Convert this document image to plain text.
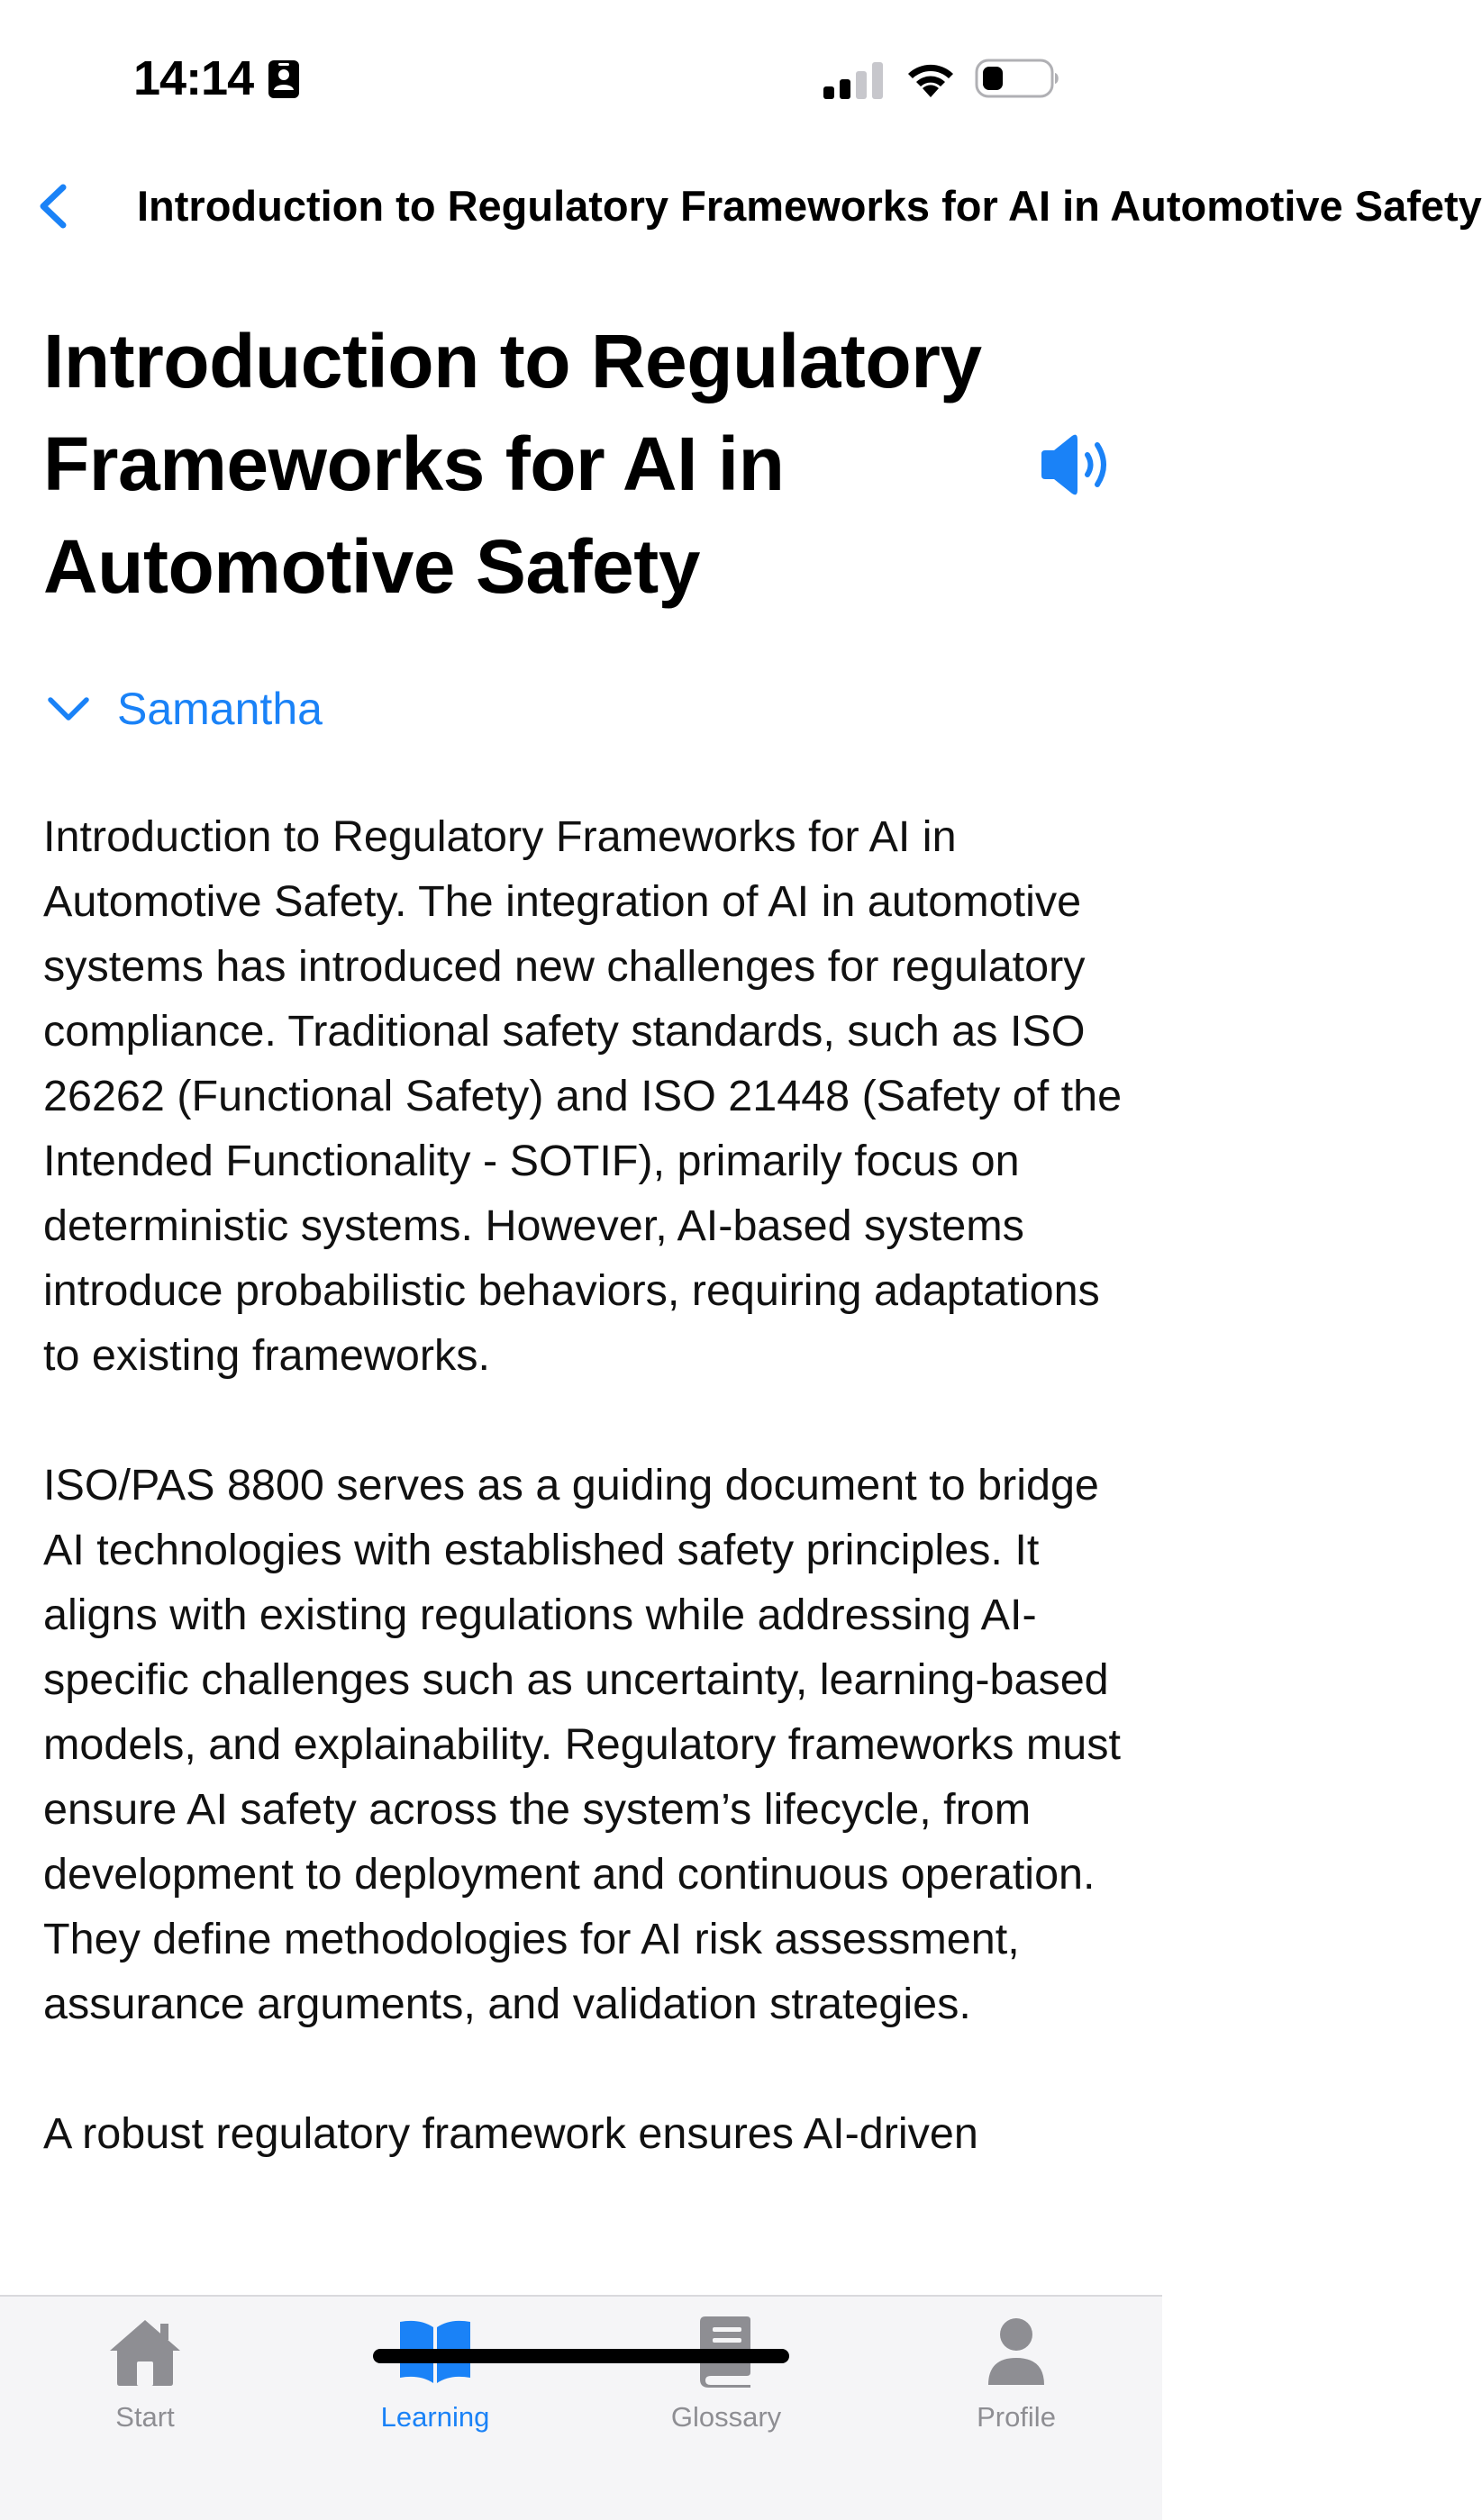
14:14
Introduction to Regulatory Frameworks for AI in Automotive Safety
Introduction to Regulatory Frameworks for AI in Automotive Safety
Samantha

Introduction to Regulatory Frameworks for AI in Automotive Safety. The integration of AI in automotive systems has introduced new challenges for regulatory compliance. Traditional safety standards, such as ISO 26262 (Functional Safety) and ISO 21448 (Safety of the Intended Functionality - SOTIF), primarily focus on deterministic systems. However, AI-based systems introduce probabilistic behaviors, requiring adaptations to existing frameworks.

ISO/PAS 8800 serves as a guiding document to bridge AI technologies with established safety principles. It aligns with existing regulations while addressing AI-specific challenges such as uncertainty, learning-based models, and explainability. Regulatory frameworks must ensure AI safety across the system’s lifecycle, from development to deployment and continuous operation. They define methodologies for AI risk assessment, assurance arguments, and validation strategies.

A robust regulatory framework ensures AI-driven

Start	Learning	Glossary	Profile
